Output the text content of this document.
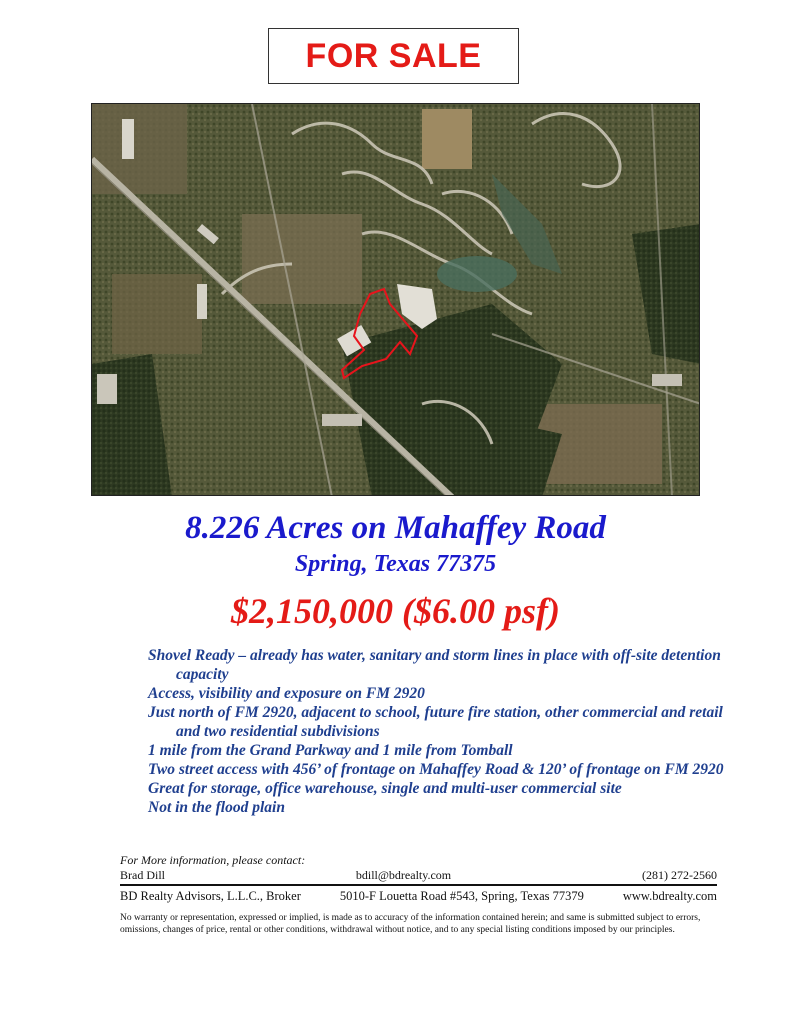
FOR SALE
8.226 Acres on Mahaffey Road
Spring, Texas 77375
$2,150,000 ($6.00 psf)
Shovel Ready – already has water, sanitary and storm lines in place with off-site detention capacity
Access, visibility and exposure on FM 2920
Just north of FM 2920, adjacent to school, future fire station, other commercial and retail and two residential subdivisions
1 mile from the Grand Parkway and 1 mile from Tomball
Two street access with 456’ of frontage on Mahaffey Road & 120’ of frontage on FM 2920
Great for storage, office warehouse, single and multi-user commercial site
Not in the flood plain
For More information, please contact:
Brad Dill	bdill@bdrealty.com	(281) 272-2560
BD Realty Advisors, L.L.C., Broker	5010-F Louetta Road #543, Spring, Texas 77379	www.bdrealty.com
No warranty or representation, expressed or implied, is made as to accuracy of the information contained herein; and same is submitted subject to errors, omissions, changes of price, rental or other conditions, withdrawal without notice, and to any special listing conditions imposed by our principles.
